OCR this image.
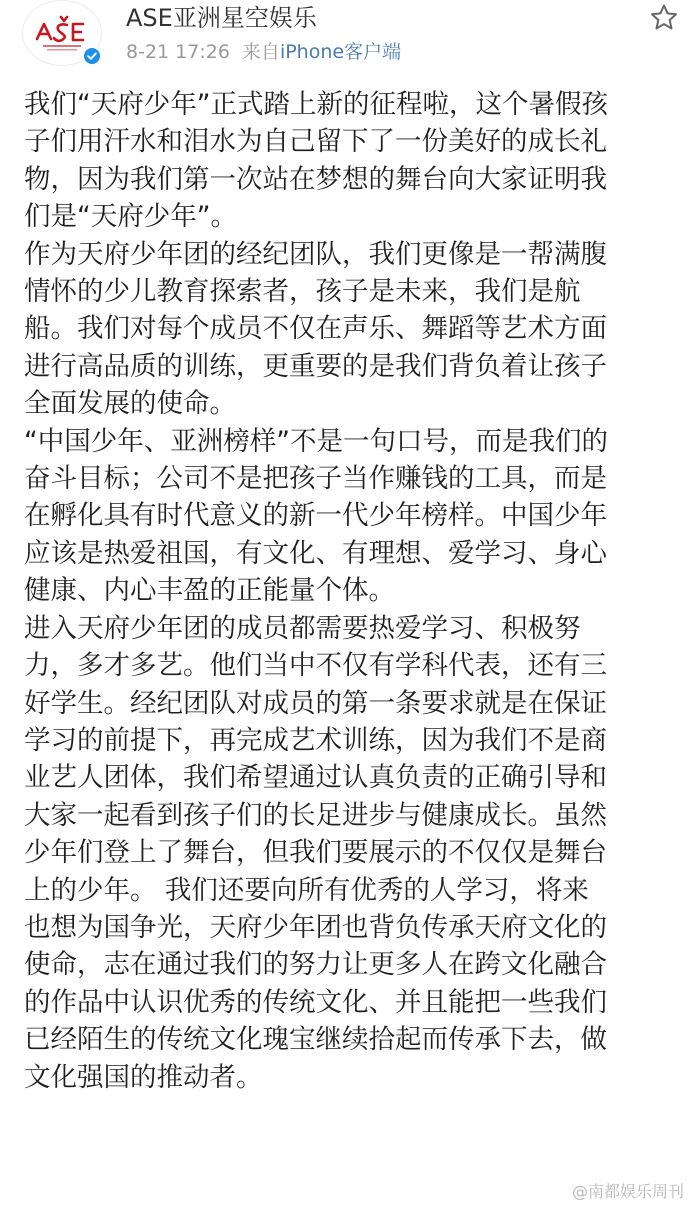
ASE亚洲星空娱乐
8-21 17:26 来自iPhone客户端

我们“天府少年”正式踏上新的征程啦，这个暑假孩
子们用汗水和泪水为自己留下了一份美好的成长礼
物，因为我们第一次站在梦想的舞台向大家证明我
们是“天府少年”。

作为天府少年团的经纪团队，我们更像是一帮满腹
情怀的少儿教育探索者，孩子是未来，我们是航
船。我们对每个成员不仅在声乐、舞蹈等艺术方面
进行高品质的训练，更重要的是我们背负着让孩子
全面发展的使命。

“中国少年、亚洲榜样”不是一句口号，而是我们的
奋斗目标；公司不是把孩子当作赚钱的工具，而是
在孵化具有时代意义的新一代少年榜样。中国少年
应该是热爱祖国，有文化、有理想、爱学习、身心
健康、内心丰盈的正能量个体。

进入天府少年团的成员都需要热爱学习、积极努
力，多才多艺。他们当中不仅有学科代表，还有三
好学生。经纪团队对成员的第一条要求就是在保证
学习的前提下，再完成艺术训练，因为我们不是商
业艺人团体，我们希望通过认真负责的正确引导和
大家一起看到孩子们的长足进步与健康成长。虽然
少年们登上了舞台，但我们要展示的不仅仅是舞台
上的少年。 我们还要向所有优秀的人学习，将来
也想为国争光，天府少年团也背负传承天府文化的
使命，志在通过我们的努力让更多人在跨文化融合
的作品中认识优秀的传统文化、并且能把一些我们
已经陌生的传统文化瑰宝继续拾起而传承下去，做
文化强国的推动者。

@南都娱乐周刊
